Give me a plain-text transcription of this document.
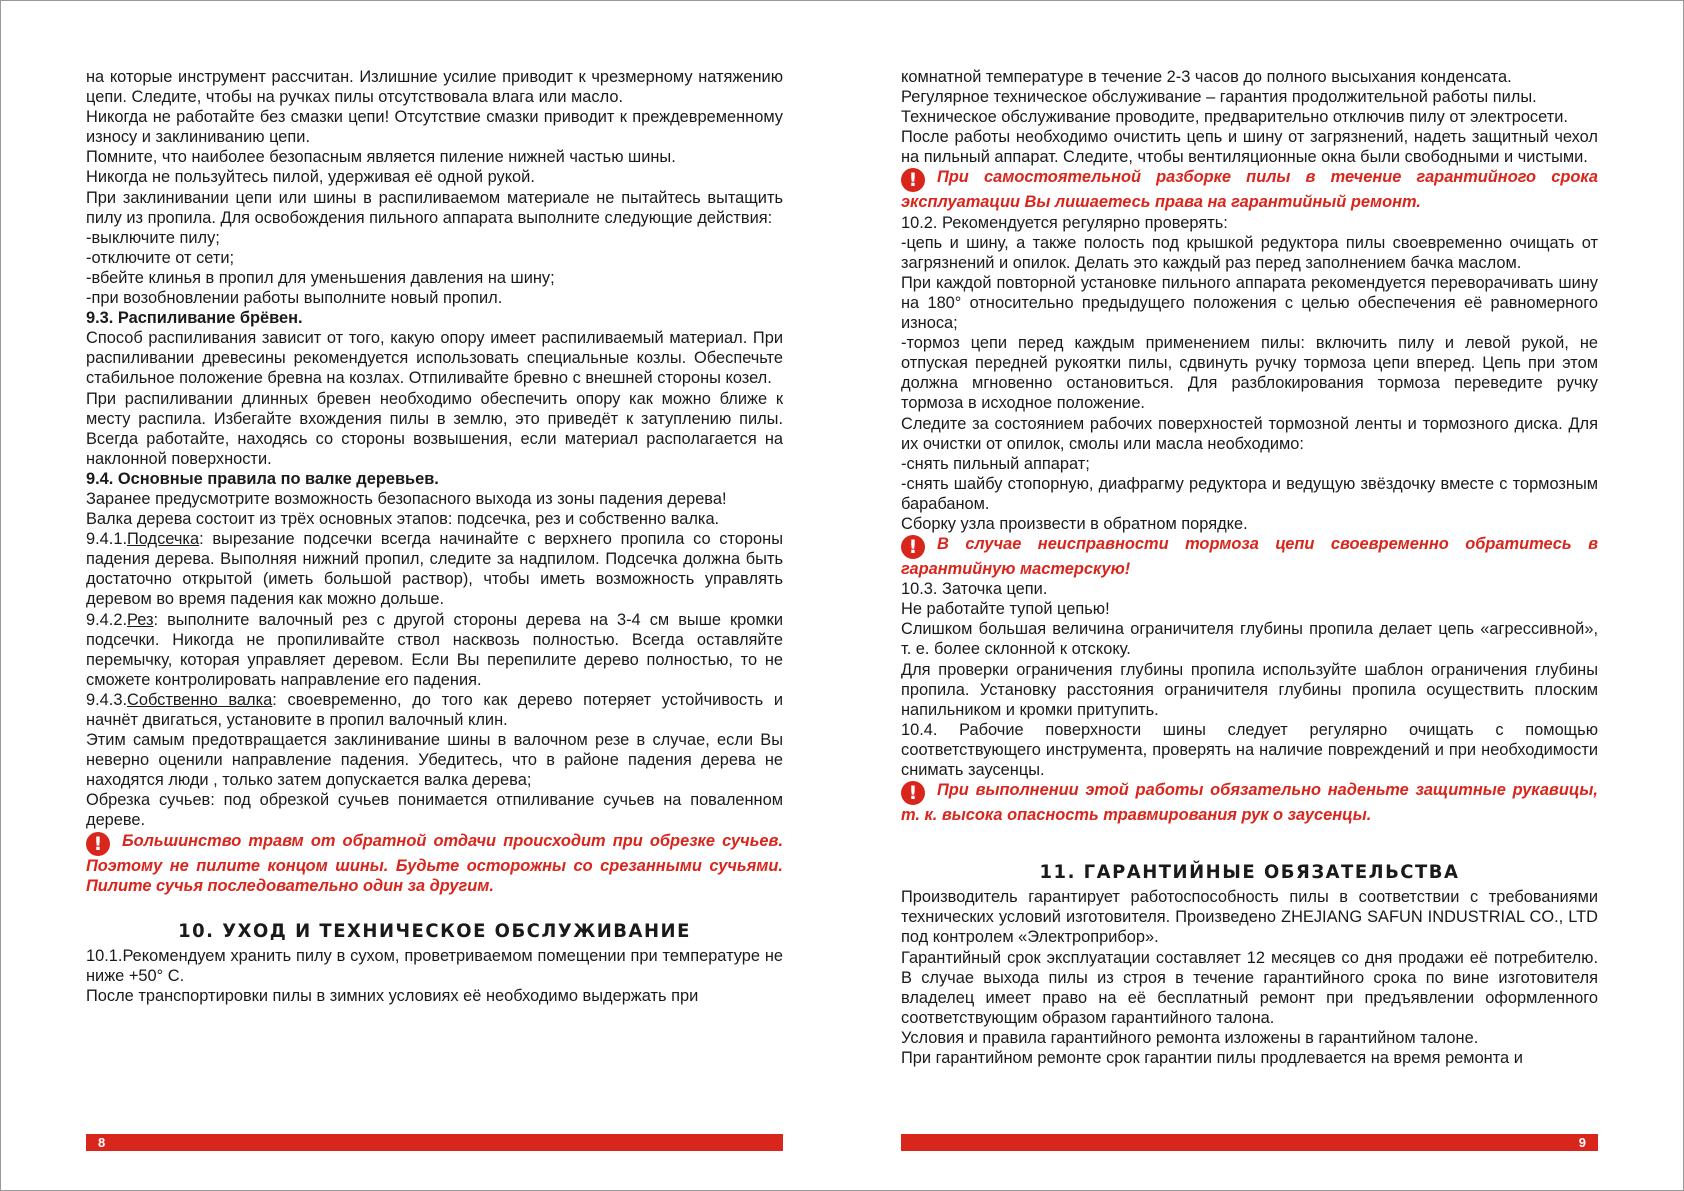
на которые инструмент рассчитан. Излишние усилие приводит к чрезмерному натяжению цепи. Следите, чтобы на ручках пилы отсутствовала влага или масло.

Никогда не работайте без смазки цепи! Отсутствие смазки приводит к преждевременному износу и заклиниванию цепи.

Помните, что наиболее безопасным является пиление нижней частью шины.

Никогда не пользуйтесь пилой, удерживая её одной рукой.

При заклинивании цепи или шины в распиливаемом материале не пытайтесь вытащить пилу из пропила. Для освобождения пильного аппарата выполните следующие действия:

-выключите пилу;

-отключите от сети;

-вбейте клинья в пропил для уменьшения давления на шину;

-при возобновлении работы выполните новый пропил.

9.3. Распиливание брёвен.

Способ распиливания зависит от того, какую опору имеет распиливаемый материал. При распиливании древесины рекомендуется использовать специальные козлы. Обеспечьте стабильное положение бревна на козлах. Отпиливайте бревно с внешней стороны козел.

При распиливании длинных бревен необходимо обеспечить опору как можно ближе к месту распила. Избегайте вхождения пилы в землю, это приведёт к затуплению пилы. Всегда работайте, находясь со стороны возвышения, если материал располагается на наклонной поверхности.

9.4. Основные правила по валке деревьев.

Заранее предусмотрите возможность безопасного выхода из зоны падения дерева!

Валка дерева состоит из трёх основных этапов: подсечка, рез и собственно валка.

9.4.1.Подсечка: вырезание подсечки всегда начинайте с верхнего пропила со стороны падения дерева. Выполняя нижний пропил, следите за надпилом. Подсечка должна быть достаточно открытой (иметь большой раствор), чтобы иметь возможность управлять деревом во время падения как можно дольше.

9.4.2.Рез: выполните валочный рез с другой стороны дерева на 3-4 см выше кромки подсечки. Никогда не пропиливайте ствол насквозь полностью. Всегда оставляйте перемычку, которая управляет деревом. Если Вы перепилите дерево полностью, то не сможете контролировать направление его падения.

9.4.3.Собственно валка: своевременно, до того как дерево потеряет устойчивость и начнёт двигаться, установите в пропил валочный клин.

Этим самым предотвращается заклинивание шины в валочном резе в случае, если Вы неверно оценили направление падения. Убедитесь, что в районе падения дерева не находятся люди , только затем допускается валка дерева;

Обрезка сучьев: под обрезкой сучьев понимается отпиливание сучьев на поваленном дереве.

! Большинство травм от обратной отдачи происходит при обрезке сучьев. Поэтому не пилите концом шины. Будьте осторожны со срезанными сучьями. Пилите сучья последовательно один за другим.

10. УХОД И ТЕХНИЧЕСКОЕ ОБСЛУЖИВАНИЕ

10.1.Рекомендуем хранить пилу в сухом, проветриваемом помещении при температуре не ниже +50° С.

После транспортировки пилы в зимних условиях её необходимо выдержать при

комнатной температуре в течение 2-3 часов до полного высыхания конденсата.

Регулярное техническое обслуживание – гарантия продолжительной работы пилы.

Техническое обслуживание проводите, предварительно отключив пилу от электросети.

После работы необходимо очистить цепь и шину от загрязнений, надеть защитный чехол на пильный аппарат. Следите, чтобы вентиляционные окна были свободными и чистыми.

! При самостоятельной разборке пилы в течение гарантийного срока эксплуатации Вы лишаетесь права на гарантийный ремонт.

10.2. Рекомендуется регулярно проверять:

-цепь и шину, а также полость под крышкой редуктора пилы своевременно очищать от загрязнений и опилок. Делать это каждый раз перед заполнением бачка маслом.

При каждой повторной установке пильного аппарата рекомендуется переворачивать шину на 180° относительно предыдущего положения с целью обеспечения её равномерного износа;

-тормоз цепи перед каждым применением пилы: включить пилу и левой рукой, не отпуская передней рукоятки пилы, сдвинуть ручку тормоза цепи вперед. Цепь при этом должна мгновенно остановиться. Для разблокирования тормоза переведите ручку тормоза в исходное положение.

Следите за состоянием рабочих поверхностей тормозной ленты и тормозного диска. Для их очистки от опилок, смолы или масла необходимо:

-снять пильный аппарат;

-снять шайбу стопорную, диафрагму редуктора и ведущую звёздочку вместе с тормозным барабаном.

Сборку узла произвести в обратном порядке.

! В случае неисправности тормоза цепи своевременно обратитесь в гарантийную мастерскую!

10.3. Заточка цепи.

Не работайте тупой цепью!

Слишком большая величина ограничителя глубины пропила делает цепь «агрессивной», т. е. более склонной к отскоку.

Для проверки ограничения глубины пропила используйте шаблон ограничения глубины пропила. Установку расстояния ограничителя глубины пропила осуществить плоским напильником и кромки притупить.

10.4. Рабочие поверхности шины следует регулярно очищать с помощью соответствующего инструмента, проверять на наличие повреждений и при необходимости снимать заусенцы.

! При выполнении этой работы обязательно наденьте защитные рукавицы, т. к. высока опасность травмирования рук о заусенцы.

11. ГАРАНТИЙНЫЕ ОБЯЗАТЕЛЬСТВА

Производитель гарантирует работоспособность пилы в соответствии с требованиями технических условий изготовителя. Произведено ZHEJIANG SAFUN INDUSTRIAL CO., LTD под контролем «Электроприбор».

Гарантийный срок эксплуатации составляет 12 месяцев со дня продажи её потребителю. В случае выхода пилы из строя в течение гарантийного срока по вине изготовителя владелец имеет право на её бесплатный ремонт при предъявлении оформленного соответствующим образом гарантийного талона.

Условия и правила гарантийного ремонта изложены в гарантийном талоне.

При гарантийном ремонте срок гарантии пилы продлевается на время ремонта и

8	9
